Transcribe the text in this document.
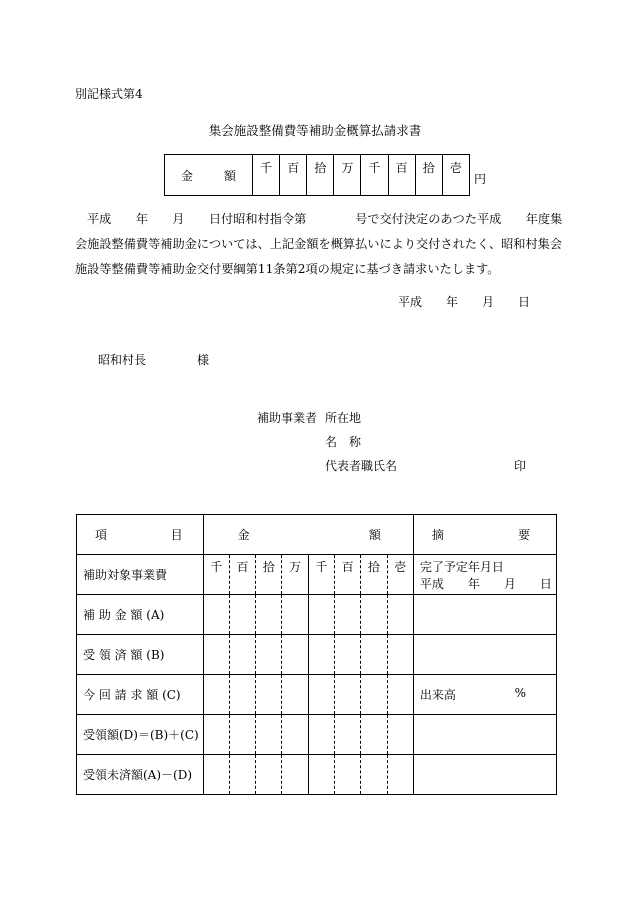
別記様式第4
集会施設整備費等補助金概算払請求書
金	額
	千	百	拾	万	千	百	拾	壱
円
平成　　年　　月　　日付昭和村指令第　　　　号で交付決定のあつた平成　　年度集
会施設整備費等補助金については、上記金額を概算払いにより交付されたく、昭和村集会
施設等整備費等補助金交付要綱第11条第2項の規定に基づき請求いたします。
平成　　年　　月　　日
昭和村長	様
補助事業者 所在地
名　称
代表者職氏名	印
項 目	金 額								摘 要

補助対象事業費	千	百	拾	万	千	百	拾	壱	完了予定年月日
平成　　年　　月　　日

補 助 金 額 (A)									
受 領 済 額 (B)									
今 回 請 求 額 (C)									出来高 %

受領額(D)＝(B)＋(C)									
受領未済額(A)－(D)									
